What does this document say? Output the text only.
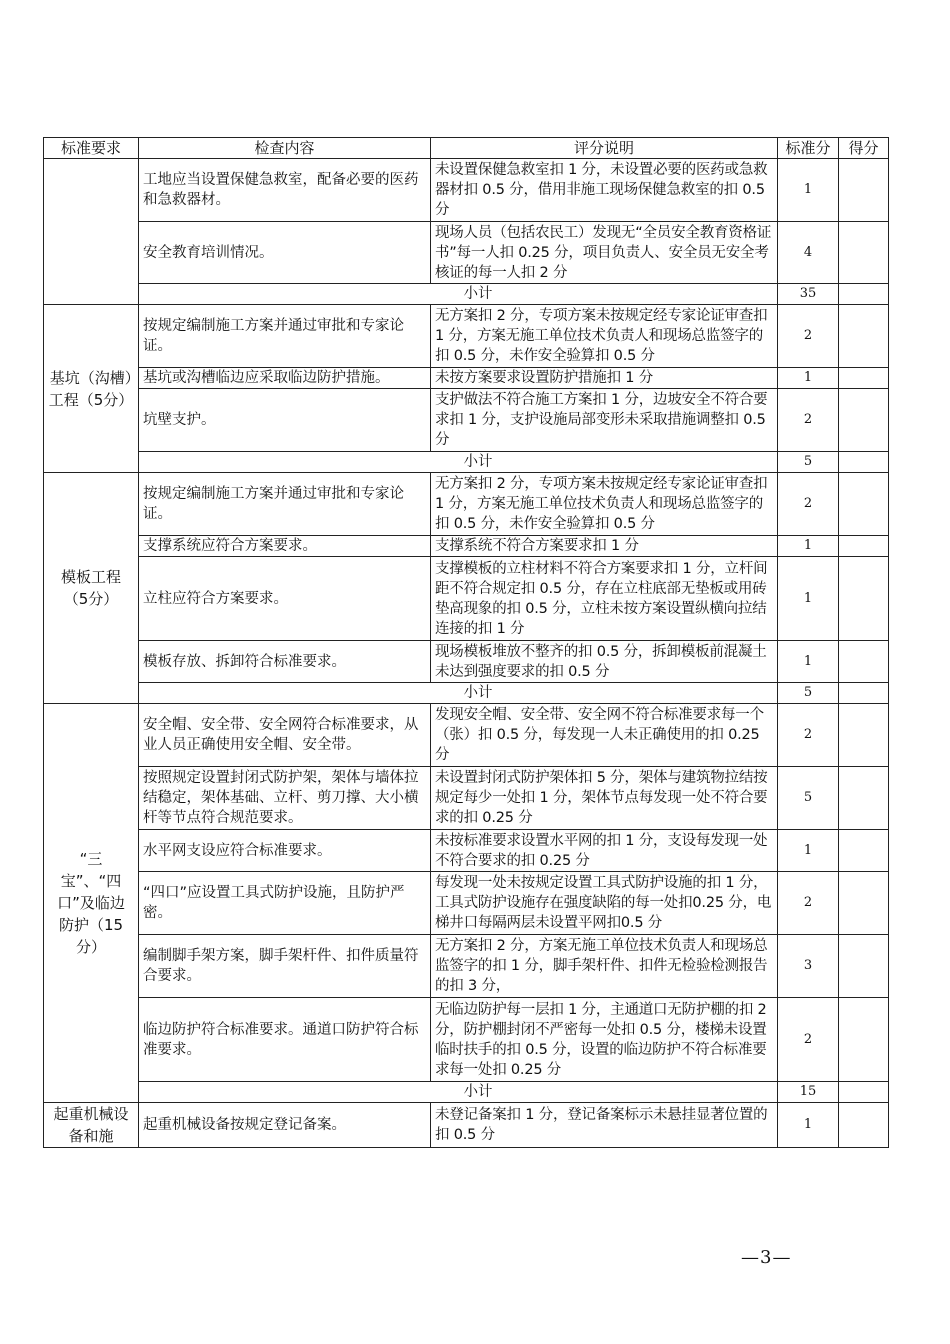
标准要求	检查内容	评分说明	标准分	得分

	工地应当设置保健急救室，配备必要的医药和急救器材。	未设置保健急救室扣 1 分，未设置必要的医药或急救器材扣 0.5 分，借用非施工现场保健急救室的扣 0.5 分	1	
	安全教育培训情况。	现场人员（包括农民工）发现无“全员安全教育资格证书”每一人扣 0.25 分，项目负责人、安全员无安全考核证的每一人扣 2 分	4	
	小计		35	

基坑（沟槽）工程（5分）	按规定编制施工方案并通过审批和专家论证。	无方案扣 2 分，专项方案未按规定经专家论证审查扣 1 分，方案无施工单位技术负责人和现场总监签字的扣 0.5 分，未作安全验算扣 0.5 分	2	
	基坑或沟槽临边应采取临边防护措施。	未按方案要求设置防护措施扣 1 分	1	
	坑壁支护。	支护做法不符合施工方案扣 1 分，边坡安全不符合要求扣 1 分，支护设施局部变形未采取措施调整扣 0.5 分	2	
	小计		5	

模板工程（5分）	按规定编制施工方案并通过审批和专家论证。	无方案扣 2 分，专项方案未按规定经专家论证审查扣 1 分，方案无施工单位技术负责人和现场总监签字的扣 0.5 分，未作安全验算扣 0.5 分	2	
	支撑系统应符合方案要求。	支撑系统不符合方案要求扣 1 分	1	
	立柱应符合方案要求。	支撑模板的立柱材料不符合方案要求扣 1 分，立杆间距不符合规定扣 0.5 分，存在立柱底部无垫板或用砖垫高现象的扣 0.5 分，立柱未按方案设置纵横向拉结连接的扣 1 分	1	
	模板存放、拆卸符合标准要求。	现场模板堆放不整齐的扣 0.5 分，拆卸模板前混凝土未达到强度要求的扣 0.5 分	1	
	小计		5	

“三宝”、“四口”及临边防护（15分）	安全帽、安全带、安全网符合标准要求，从业人员正确使用安全帽、安全带。	发现安全帽、安全带、安全网不符合标准要求每一个（张）扣 0.5 分，每发现一人未正确使用的扣 0.25 分	2	
	按照规定设置封闭式防护架，架体与墙体拉结稳定，架体基础、立杆、剪刀撑、大小横杆等节点符合规范要求。	未设置封闭式防护架体扣 5 分，架体与建筑物拉结按规定每少一处扣 1 分，架体节点每发现一处不符合要求的扣 0.25 分	5	
	水平网支设应符合标准要求。	未按标准要求设置水平网的扣 1 分，支设每发现一处不符合要求的扣 0.25 分	1	
	“四口”应设置工具式防护设施，且防护严密。	每发现一处未按规定设置工具式防护设施的扣 1 分，工具式防护设施存在强度缺陷的每一处扣0.25 分，电梯井口每隔两层未设置平网扣0.5 分	2	
	编制脚手架方案，脚手架杆件、扣件质量符合要求。	无方案扣 2 分，方案无施工单位技术负责人和现场总监签字的扣 1 分，脚手架杆件、扣件无检验检测报告的扣 3 分，	3	
	临边防护符合标准要求。通道口防护符合标准要求。	无临边防护每一层扣 1 分，主通道口无防护棚的扣 2 分，防护棚封闭不严密每一处扣 0.5 分，楼梯未设置临时扶手的扣 0.5 分，设置的临边防护不符合标准要求每一处扣 0.25 分	2	
	小计		15	

起重机械设备和施	起重机械设备按规定登记备案。	未登记备案扣 1 分，登记备案标示未悬挂显著位置的扣 0.5 分	1	
—3—
